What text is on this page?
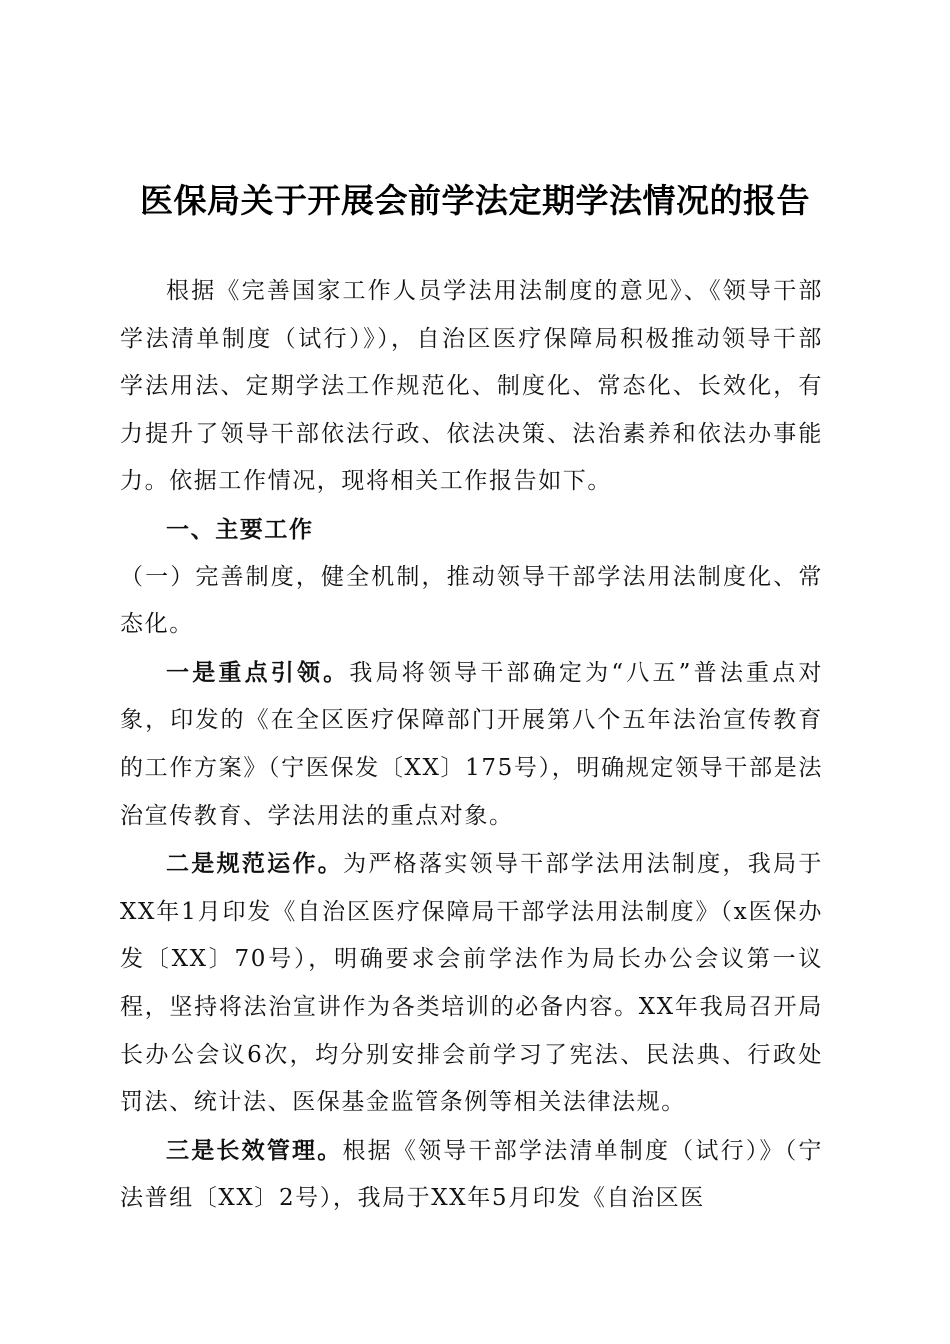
医保局关于开展会前学法定期学法情况的报告

根据《完善国家工作人员学法用法制度的意见》、《领导干部学法清单制度（试行）》），自治区医疗保障局积极推动领导干部学法用法、定期学法工作规范化、制度化、常态化、长效化，有力提升了领导干部依法行政、依法决策、法治素养和依法办事能力。依据工作情况，现将相关工作报告如下。

一、主要工作

（一）完善制度，健全机制，推动领导干部学法用法制度化、常态化。

一是重点引领。我局将领导干部确定为“八五”普法重点对象，印发的《在全区医疗保障部门开展第八个五年法治宣传教育的工作方案》（宁医保发〔XX〕175号），明确规定领导干部是法治宣传教育、学法用法的重点对象。

二是规范运作。为严格落实领导干部学法用法制度，我局于XX年1月印发《自治区医疗保障局干部学法用法制度》（x医保办发〔XX〕70号），明确要求会前学法作为局长办公会议第一议程，坚持将法治宣讲作为各类培训的必备内容。XX年我局召开局长办公会议6次，均分别安排会前学习了宪法、民法典、行政处罚法、统计法、医保基金监管条例等相关法律法规。

三是长效管理。根据《领导干部学法清单制度（试行）》（宁法普组〔XX〕2号），我局于XX年5月印发《自治区医
